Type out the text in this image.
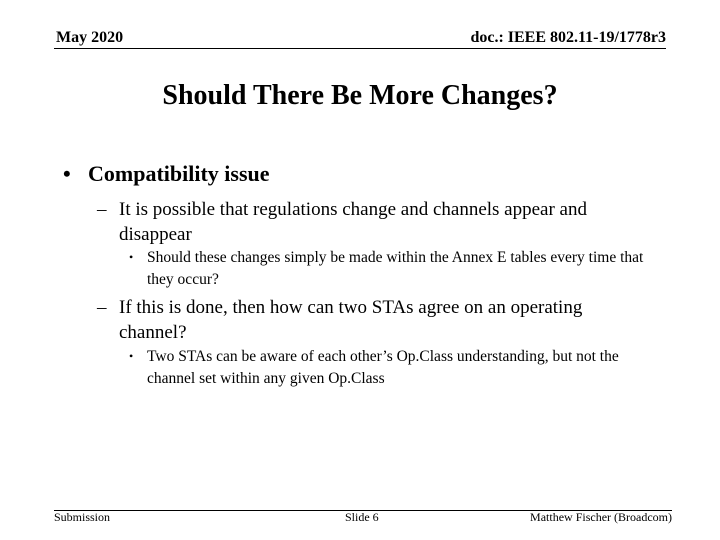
May 2020	doc.: IEEE 802.11-19/1778r3
Should There Be More Changes?
• Compatibility issue
– It is possible that regulations change and channels appear and disappear
• Should these changes simply be made within the Annex E tables every time that they occur?
– If this is done, then how can two STAs agree on an operating channel?
• Two STAs can be aware of each other’s Op.Class understanding, but not the channel set within any given Op.Class
Submission	Slide 6	Matthew Fischer (Broadcom)
